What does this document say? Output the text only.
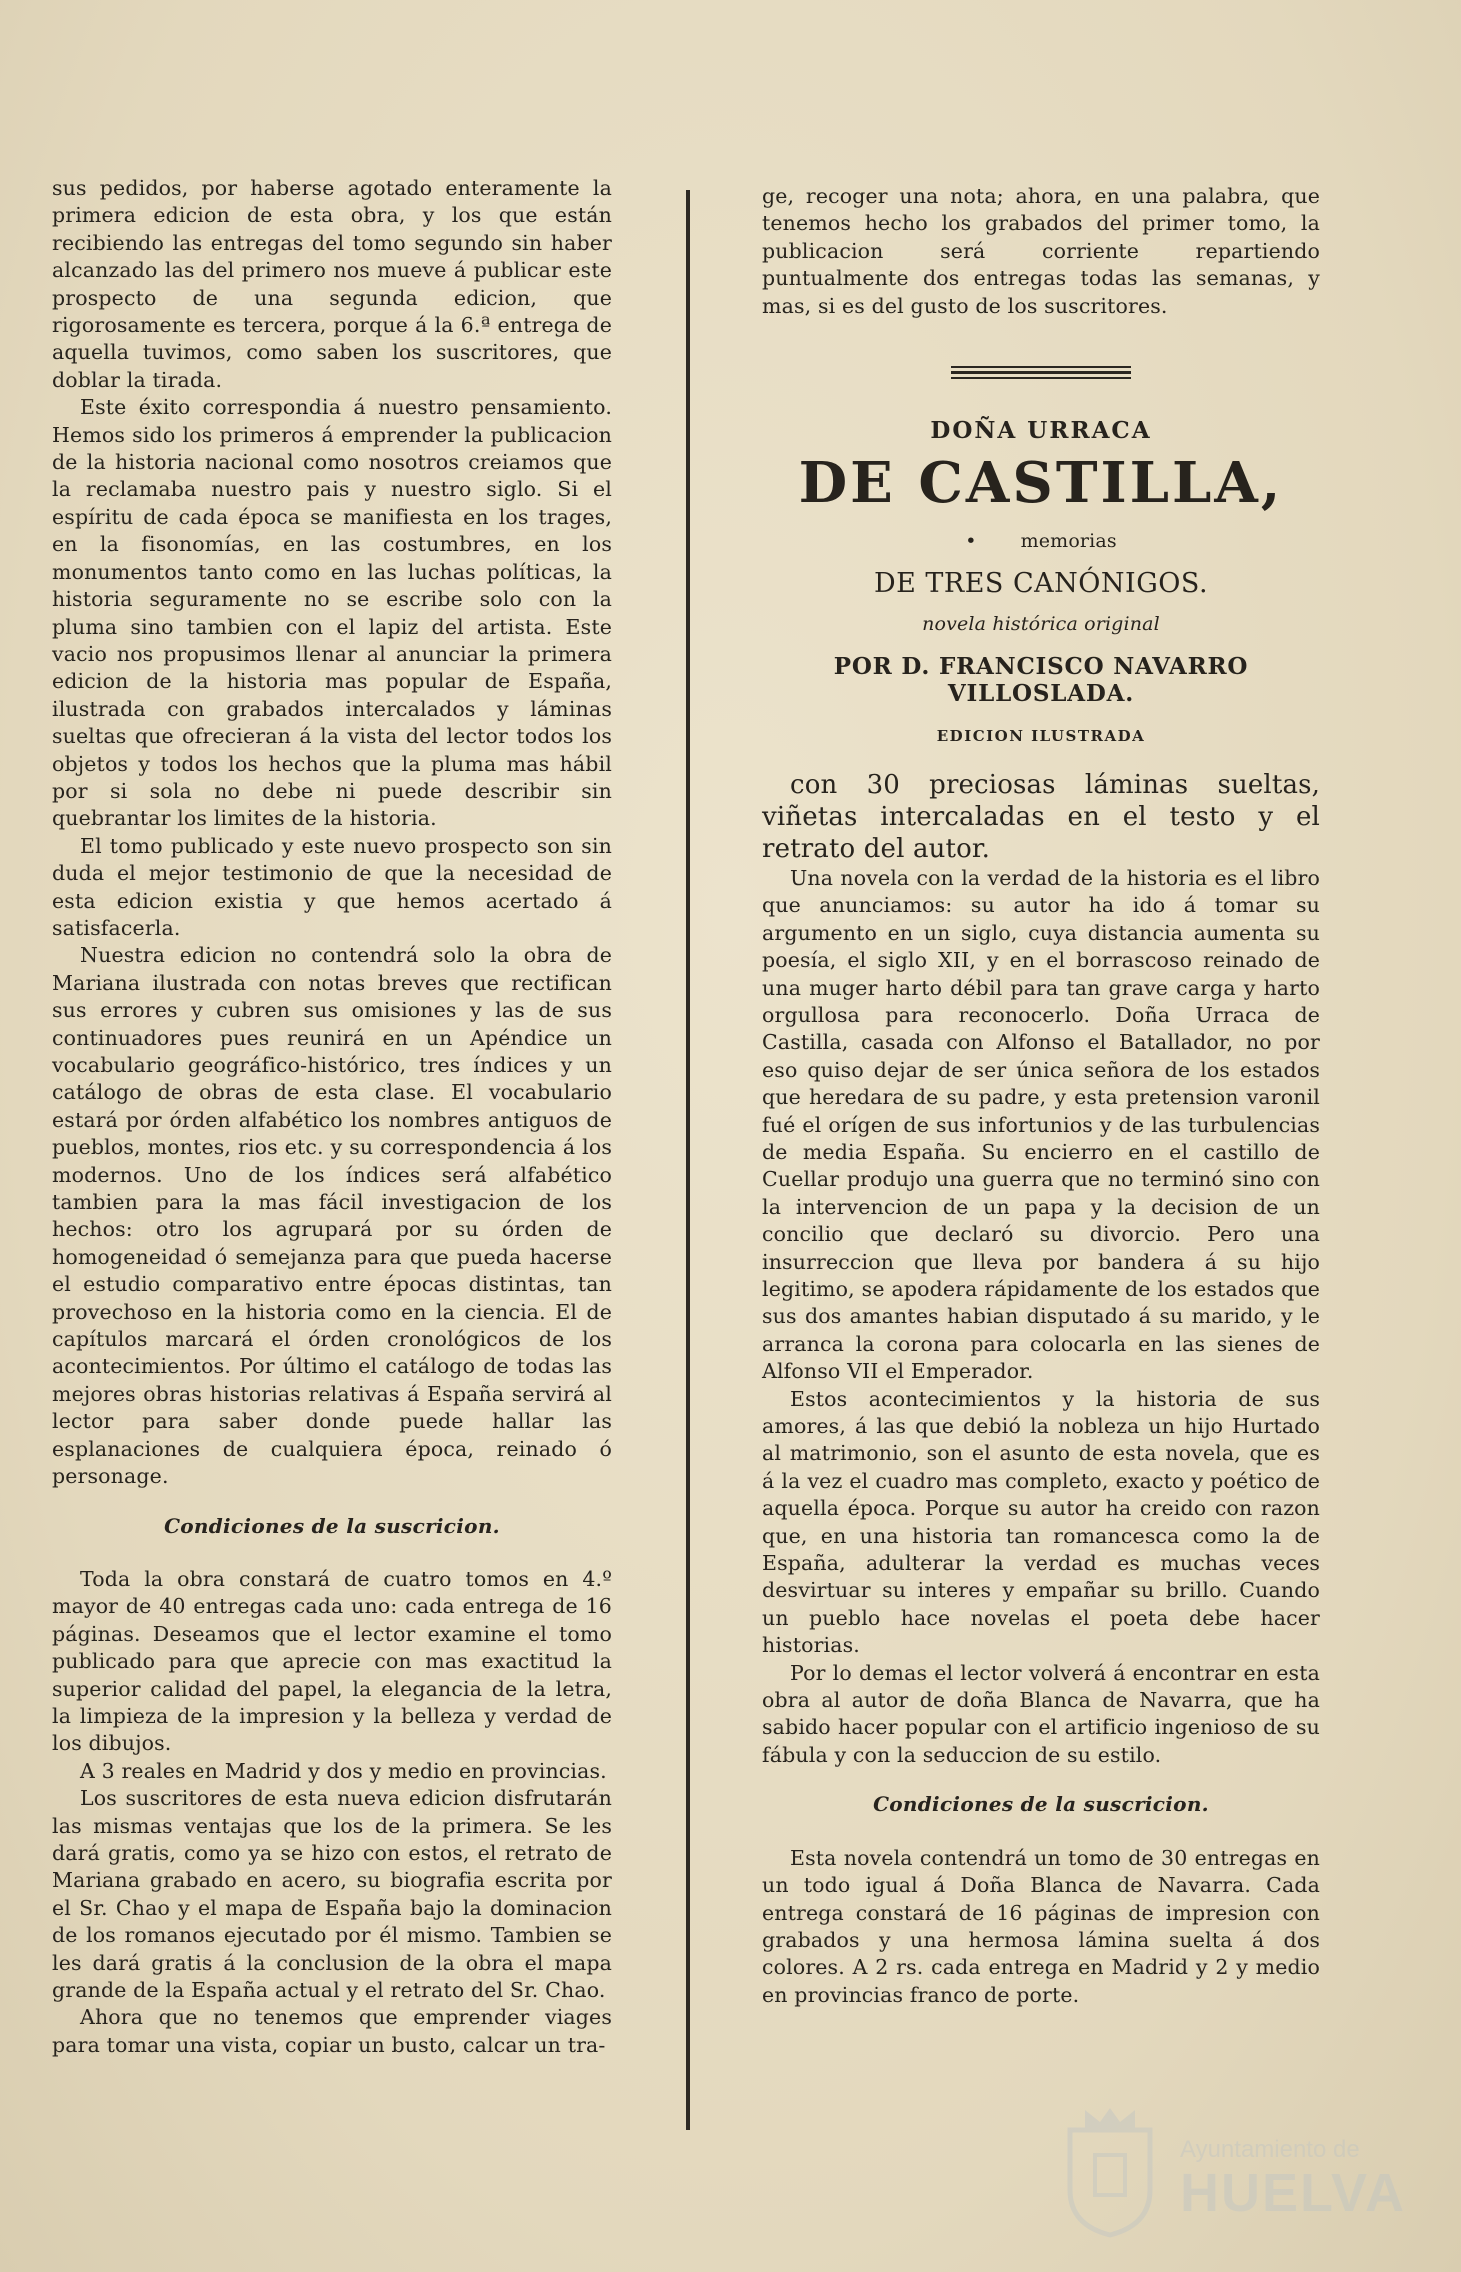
sus pedidos, por haberse agotado enteramente la primera edicion de esta obra, y los que están recibiendo las entregas del tomo segundo sin haber alcanzado las del primero nos mueve á publicar este prospecto de una segunda edicion, que rigorosamente es tercera, porque á la 6.ª entrega de aquella tuvimos, como saben los suscritores, que doblar la tirada.

Este éxito correspondia á nuestro pensamiento. Hemos sido los primeros á emprender la publicacion de la historia nacional como nosotros creiamos que la reclamaba nuestro pais y nuestro siglo. Si el espíritu de cada época se manifiesta en los trages, en la fisonomías, en las costumbres, en los monumentos tanto como en las luchas políticas, la historia seguramente no se escribe solo con la pluma sino tambien con el lapiz del artista. Este vacio nos propusimos llenar al anunciar la primera edicion de la historia mas popular de España, ilustrada con grabados intercalados y láminas sueltas que ofrecieran á la vista del lector todos los objetos y todos los hechos que la pluma mas hábil por si sola no debe ni puede describir sin quebrantar los limites de la historia.

El tomo publicado y este nuevo prospecto son sin duda el mejor testimonio de que la necesidad de esta edicion existia y que hemos acertado á satisfacerla.

Nuestra edicion no contendrá solo la obra de Mariana ilustrada con notas breves que rectifican sus errores y cubren sus omisiones y las de sus continuadores pues reunirá en un Apéndice un vocabulario geográfico-histórico, tres índices y un catálogo de obras de esta clase. El vocabulario estará por órden alfabético los nombres antiguos de pueblos, montes, rios etc. y su correspondencia á los modernos. Uno de los índices será alfabético tambien para la mas fácil investigacion de los hechos: otro los agrupará por su órden de homogeneidad ó semejanza para que pueda hacerse el estudio comparativo entre épocas distintas, tan provechoso en la historia como en la ciencia. El de capítulos marcará el órden cronológicos de los acontecimientos. Por último el catálogo de todas las mejores obras historias relativas á España servirá al lector para saber donde puede hallar las esplanaciones de cualquiera época, reinado ó personage.

Condiciones de la suscricion.

Toda la obra constará de cuatro tomos en 4.º mayor de 40 entregas cada uno: cada entrega de 16 páginas. Deseamos que el lector examine el tomo publicado para que aprecie con mas exactitud la superior calidad del papel, la elegancia de la letra, la limpieza de la impresion y la belleza y verdad de los dibujos.

A 3 reales en Madrid y dos y medio en provincias.

Los suscritores de esta nueva edicion disfrutarán las mismas ventajas que los de la primera. Se les dará gratis, como ya se hizo con estos, el retrato de Mariana grabado en acero, su biografia escrita por el Sr. Chao y el mapa de España bajo la dominacion de los romanos ejecutado por él mismo. Tambien se les dará gratis á la conclusion de la obra el mapa grande de la España actual y el retrato del Sr. Chao.

Ahora que no tenemos que emprender viages para tomar una vista, copiar un busto, calcar un tra-

ge, recoger una nota; ahora, en una palabra, que tenemos hecho los grabados del primer tomo, la publicacion será corriente repartiendo puntualmente dos entregas todas las semanas, y mas, si es del gusto de los suscritores.

DOÑA URRACA
DE CASTILLA,
• memorias
DE TRES CANÓNIGOS.
novela histórica original
POR D. FRANCISCO NAVARRO VILLOSLADA.
EDICION ILUSTRADA

con 30 preciosas láminas sueltas, viñetas intercaladas en el testo y el retrato del autor.

Una novela con la verdad de la historia es el libro que anunciamos: su autor ha ido á tomar su argumento en un siglo, cuya distancia aumenta su poesía, el siglo XII, y en el borrascoso reinado de una muger harto débil para tan grave carga y harto orgullosa para reconocerlo. Doña Urraca de Castilla, casada con Alfonso el Batallador, no por eso quiso dejar de ser única señora de los estados que heredara de su padre, y esta pretension varonil fué el orígen de sus infortunios y de las turbulencias de media España. Su encierro en el castillo de Cuellar produjo una guerra que no terminó sino con la intervencion de un papa y la decision de un concilio que declaró su divorcio. Pero una insurreccion que lleva por bandera á su hijo legitimo, se apodera rápidamente de los estados que sus dos amantes habian disputado á su marido, y le arranca la corona para colocarla en las sienes de Alfonso VII el Emperador.

Estos acontecimientos y la historia de sus amores, á las que debió la nobleza un hijo Hurtado al matrimonio, son el asunto de esta novela, que es á la vez el cuadro mas completo, exacto y poético de aquella época. Porque su autor ha creido con razon que, en una historia tan romancesca como la de España, adulterar la verdad es muchas veces desvirtuar su interes y empañar su brillo. Cuando un pueblo hace novelas el poeta debe hacer historias.

Por lo demas el lector volverá á encontrar en esta obra al autor de doña Blanca de Navarra, que ha sabido hacer popular con el artificio ingenioso de su fábula y con la seduccion de su estilo.

Condiciones de la suscricion.

Esta novela contendrá un tomo de 30 entregas en un todo igual á Doña Blanca de Navarra. Cada entrega constará de 16 páginas de impresion con grabados y una hermosa lámina suelta á dos colores. A 2 rs. cada entrega en Madrid y 2 y medio en provincias franco de porte.

Ayuntamiento de
HUELVA
